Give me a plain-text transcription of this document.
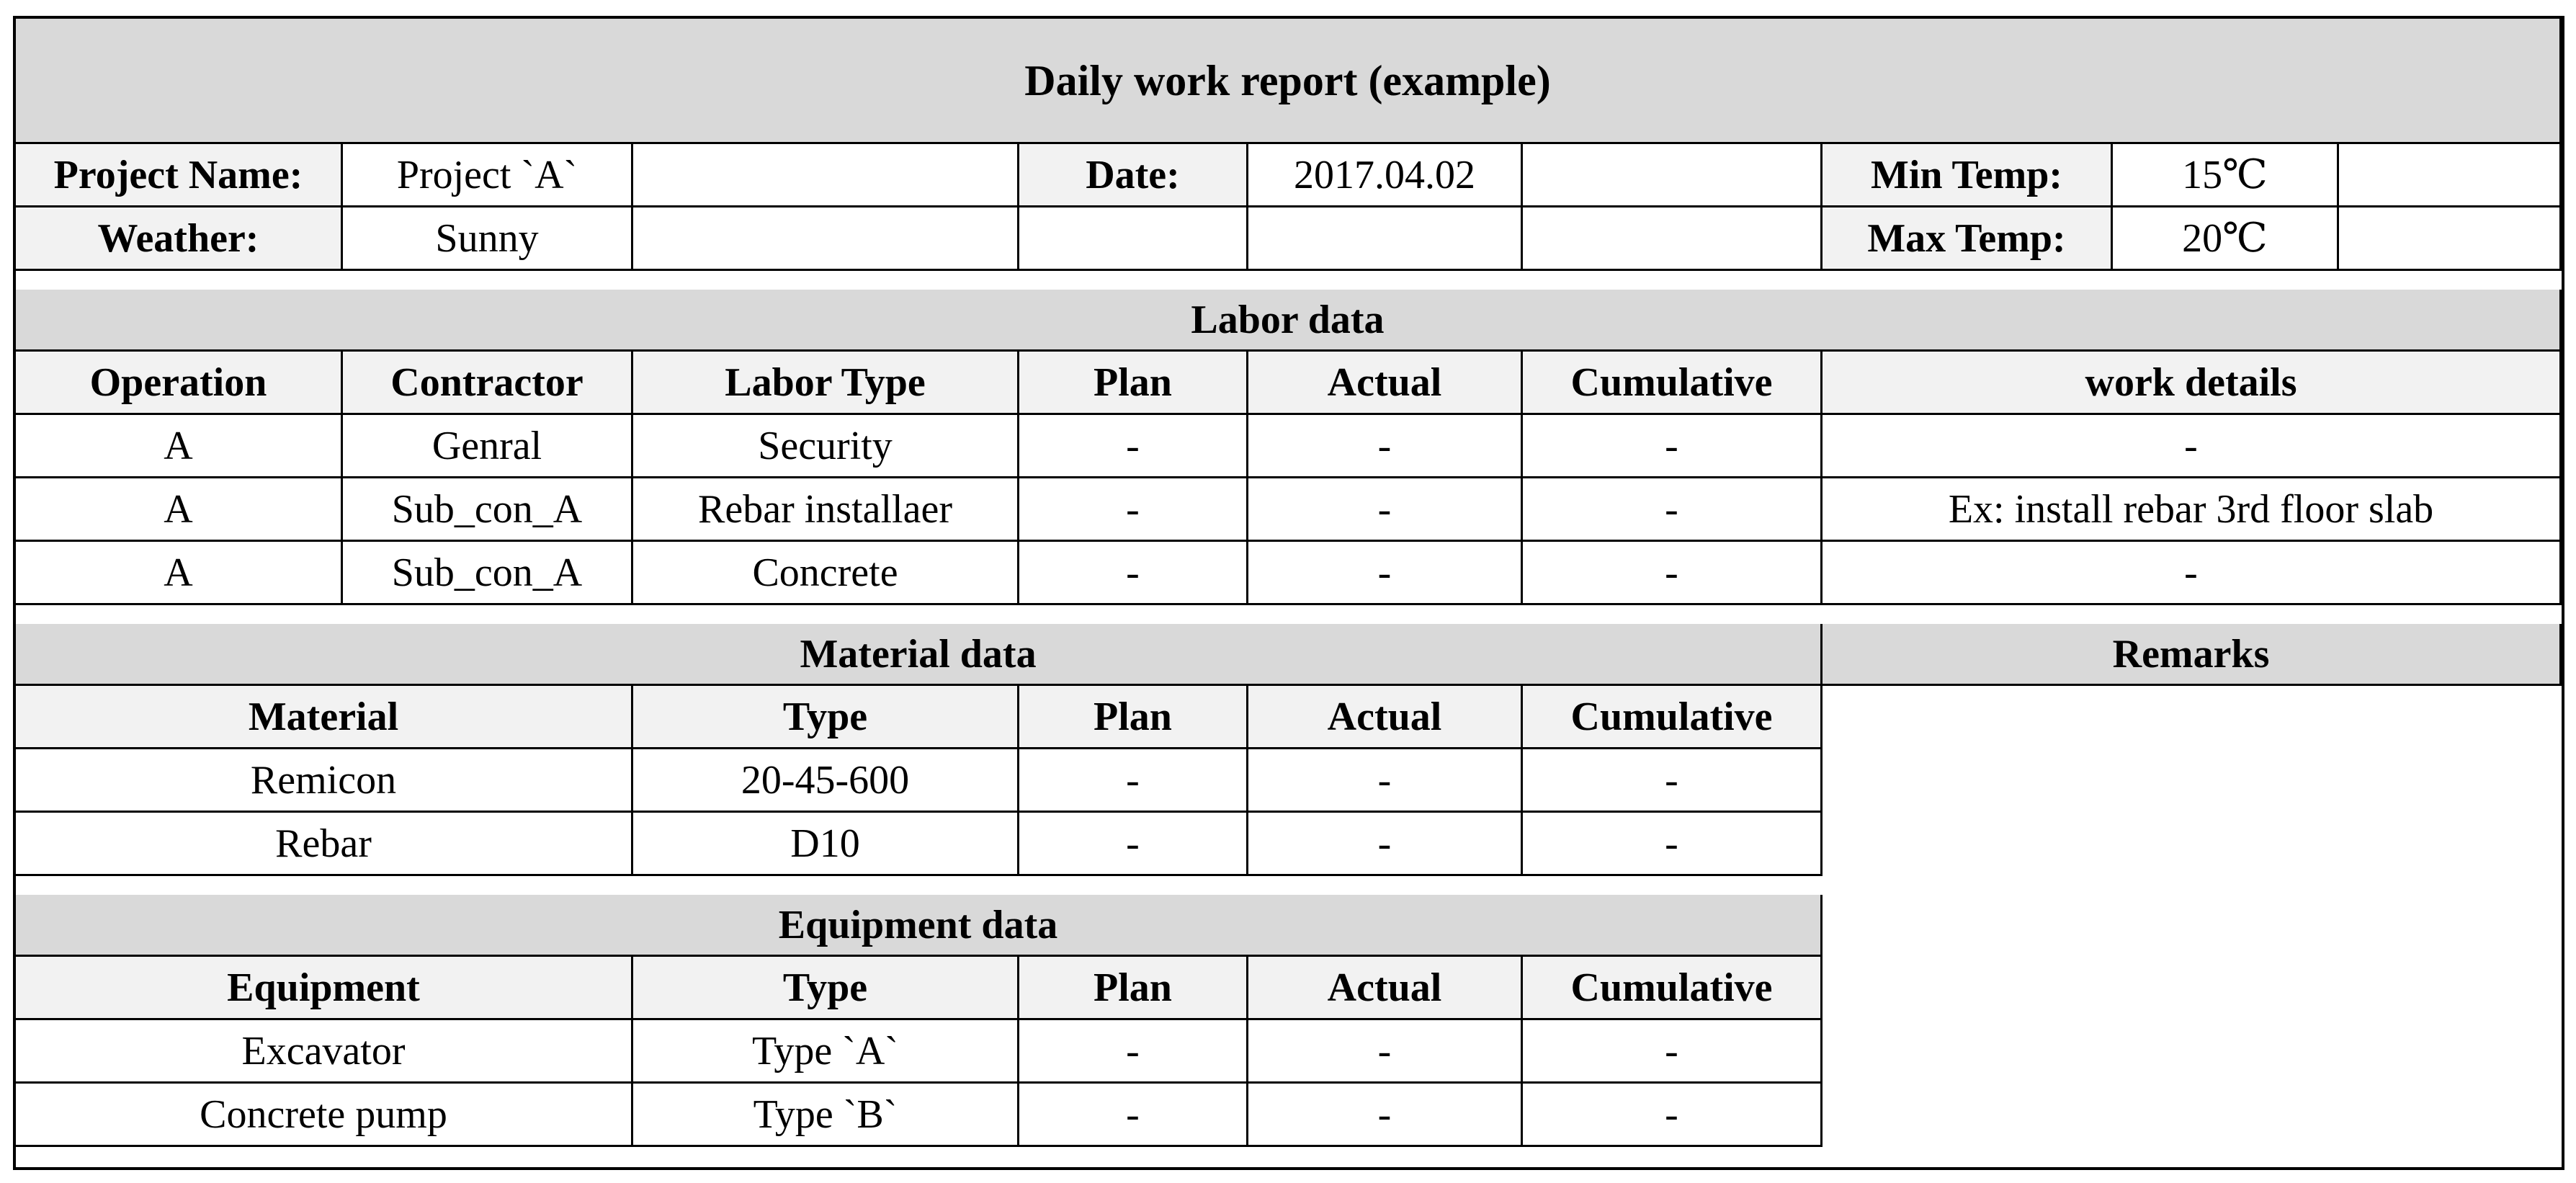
Daily work report (example)
Project Name:	Project `A`	Date:	2017.04.02	Min Temp:	15℃
Weather:	Sunny	Max Temp:	20℃
Labor data
Operation	Contractor	Labor Type	Plan	Actual	Cumulative	work details
A	Genral	Security	-	-	-	-
A	Sub_con_A	Rebar installaer	-	-	-	Ex: install rebar 3rd floor slab
A	Sub_con_A	Concrete	-	-	-	-
Material data
Material	Type	Plan	Actual	Cumulative
Remicon	20-45-600	-	-	-
Rebar	D10	-	-	-
Equipment data
Equipment	Type	Plan	Actual	Cumulative
Excavator	Type `A`	-	-	-
Concrete pump	Type `B`	-	-	-
Remarks
